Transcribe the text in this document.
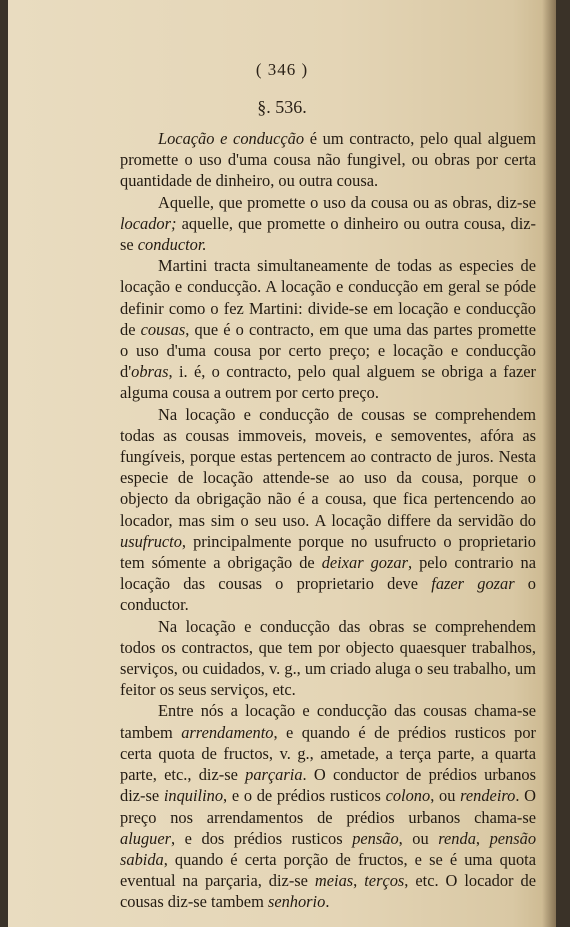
( 346 )
§. 536.

Locação e conducção é um contracto, pelo qual alguem promette o uso d'uma cousa não fungivel, ou obras por certa quantidade de dinheiro, ou outra cousa.

Aquelle, que promette o uso da cousa ou as obras, diz-se locador; aquelle, que promette o dinheiro ou outra cousa, diz-se conductor.

Martini tracta simultaneamente de todas as especies de locação e conducção. A locação e conducção em geral se póde definir como o fez Martini: divide-se em locação e conducção de cousas, que é o contracto, em que uma das partes promette o uso d'uma cousa por certo preço; e locação e conducção d'obras, i. é, o contracto, pelo qual alguem se obriga a fazer alguma cousa a outrem por certo preço.

Na locação e conducção de cousas se comprehendem todas as cousas immoveis, moveis, e semoventes, afóra as fungíveis, porque estas pertencem ao contracto de juros. Nesta especie de locação attende-se ao uso da cousa, porque o objecto da obrigação não é a cousa, que fica pertencendo ao locador, mas sim o seu uso. A locação differe da servidão do usufructo, principalmente porque no usufructo o proprietario tem sómente a obrigação de deixar gozar, pelo contrario na locação das cousas o proprietario deve fazer gozar o conductor.

Na locação e conducção das obras se comprehendem todos os contractos, que tem por objecto quaesquer trabalhos, serviços, ou cuidados, v. g., um criado aluga o seu trabalho, um feitor os seus serviços, etc.

Entre nós a locação e conducção das cousas chama-se tambem arrendamento, e quando é de prédios rusticos por certa quota de fructos, v. g., ametade, a terça parte, a quarta parte, etc., diz-se parçaria. O conductor de prédios urbanos diz-se inquilino, e o de prédios rusticos colono, ou rendeiro. O preço nos arrendamentos de prédios urbanos chama-se aluguer, e dos prédios rusticos pensão, ou renda, pensão sabida, quando é certa porção de fructos, e se é uma quota eventual na parçaria, diz-se meias, terços, etc. O locador de cousas diz-se tambem senhorio.
